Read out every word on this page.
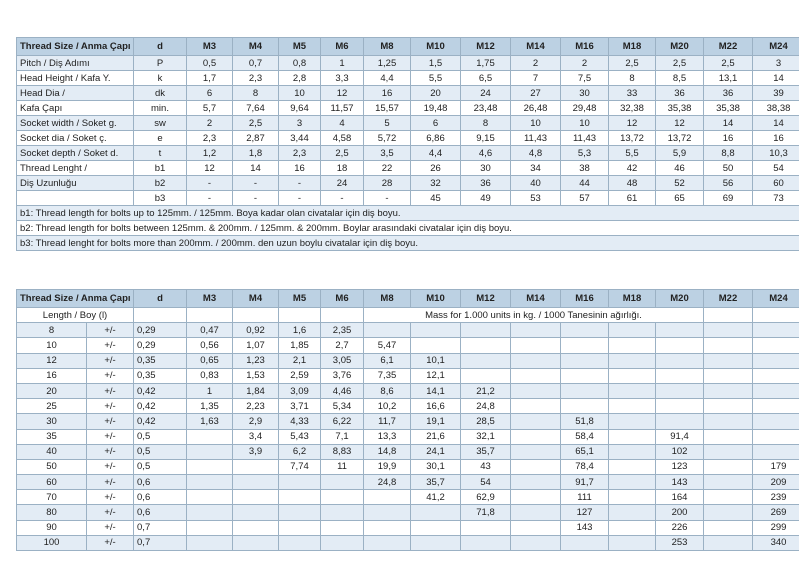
Thread Size / Anma Çapı	d	M3	M4	M5	M6	M8	M10	M12	M14	M16	M18	M20	M22	M24
Pitch / Diş Adımı	P	0,5	0,7	0,8	1	1,25	1,5	1,75	2	2	2,5	2,5	2,5	3
Head Height / Kafa Y.	k	1,7	2,3	2,8	3,3	4,4	5,5	6,5	7	7,5	8	8,5	13,1	14
Head Dia /	dk	6	8	10	12	16	20	24	27	30	33	36	36	39
Kafa Çapı	min.	5,7	7,64	9,64	11,57	15,57	19,48	23,48	26,48	29,48	32,38	35,38	35,38	38,38
Socket width / Soket g.	sw	2	2,5	3	4	5	6	8	10	10	12	12	14	14
Socket dia / Soket ç.	e	2,3	2,87	3,44	4,58	5,72	6,86	9,15	11,43	11,43	13,72	13,72	16	16
Socket depth / Soket d.	t	1,2	1,8	2,3	2,5	3,5	4,4	4,6	4,8	5,3	5,5	5,9	8,8	10,3
Thread Lenght /	b1	12	14	16	18	22	26	30	34	38	42	46	50	54
Diş Uzunluğu	b2	-	-	-	24	28	32	36	40	44	48	52	56	60
	b3	-	-	-	-	-	45	49	53	57	61	65	69	73
b1: Thread length for bolts up to 125mm. / 125mm. Boya kadar olan civatalar için diş boyu.														
b2: Thread length for bolts between 125mm. & 200mm. / 125mm. & 200mm. Boylar arasındaki civatalar için diş boyu.														
b3: Thread lenght for bolts more than 200mm. / 200mm. den uzun boylu civatalar için diş boyu.														
Thread Size / Anma Çapı		d	M3	M4	M5	M6	M8	M10	M12	M14	M16	M18	M20	M22	M24
Length / Boy (l)							Mass for 1.000 units in kg. / 1000 Tanesinin ağırlığı.								
8	+/-	0,29	0,47	0,92	1,6	2,35									
10	+/-	0,29	0,56	1,07	1,85	2,7	5,47								
12	+/-	0,35	0,65	1,23	2,1	3,05	6,1	10,1							
16	+/-	0,35	0,83	1,53	2,59	3,76	7,35	12,1							
20	+/-	0,42	1	1,84	3,09	4,46	8,6	14,1	21,2						
25	+/-	0,42	1,35	2,23	3,71	5,34	10,2	16,6	24,8						
30	+/-	0,42	1,63	2,9	4,33	6,22	11,7	19,1	28,5		51,8				
35	+/-	0,5		3,4	5,43	7,1	13,3	21,6	32,1		58,4		91,4		
40	+/-	0,5		3,9	6,2	8,83	14,8	24,1	35,7		65,1		102		
50	+/-	0,5			7,74	11	19,9	30,1	43		78,4		123		179
60	+/-	0,6					24,8	35,7	54		91,7		143		209
70	+/-	0,6						41,2	62,9		111		164		239
80	+/-	0,6							71,8		127		200		269
90	+/-	0,7									143		226		299
100	+/-	0,7											253		340
